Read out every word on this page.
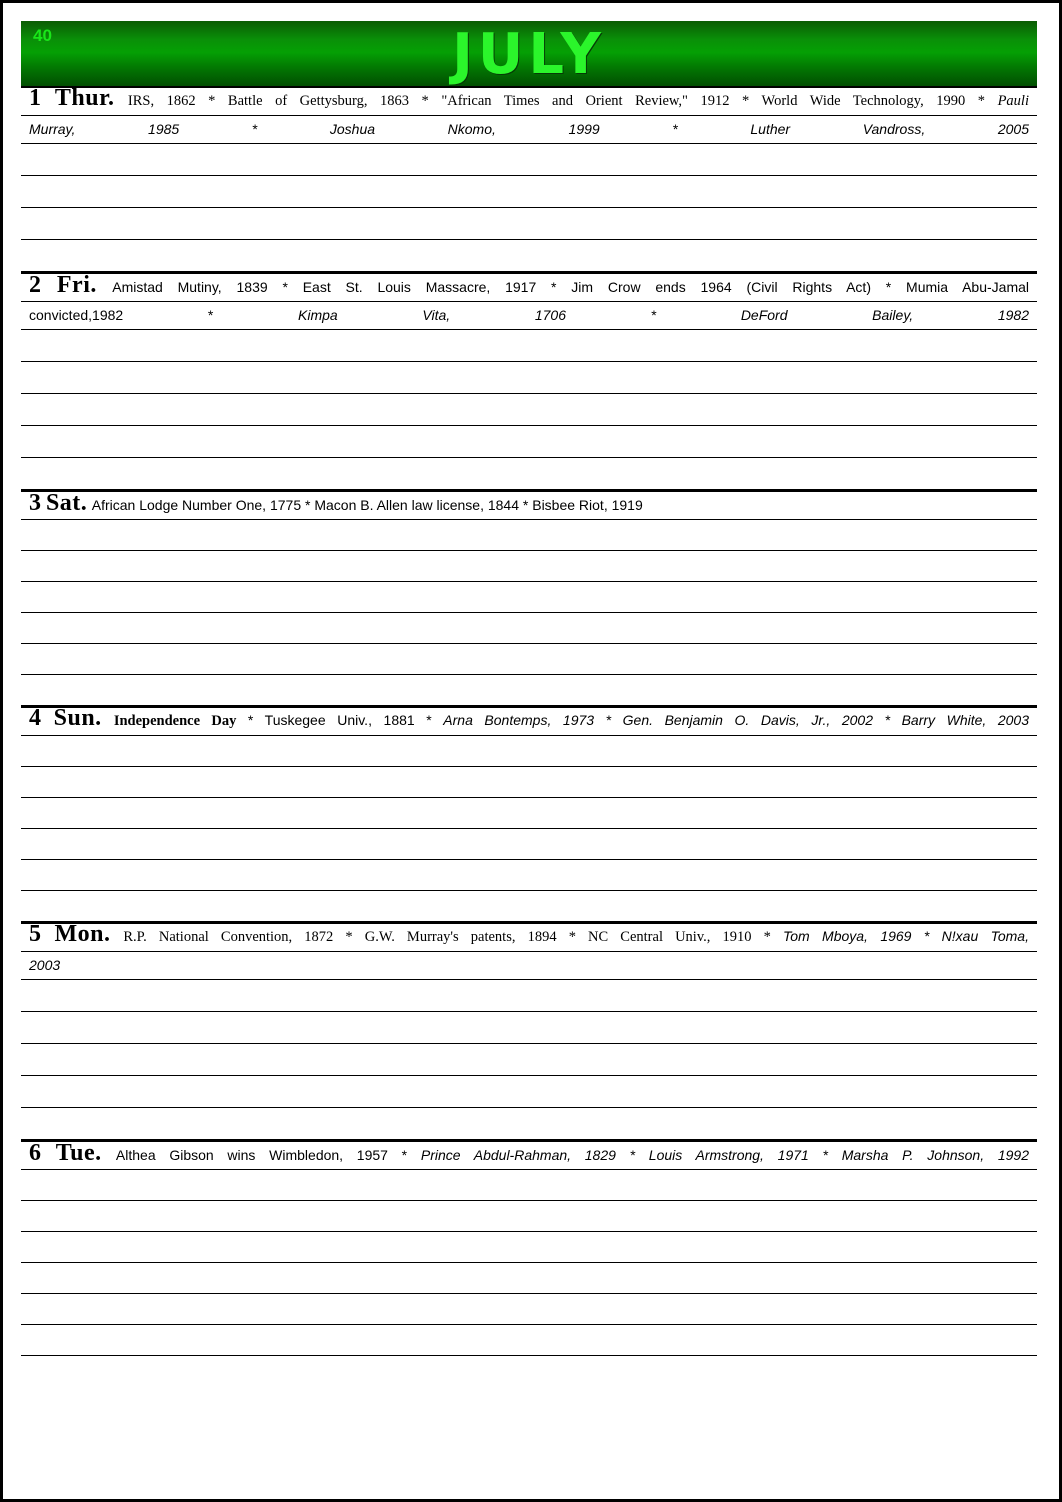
40	JULY
1 Thur. IRS, 1862 * Battle of Gettysburg, 1863 * "African Times and Orient Review," 1912 * World Wide Technology, 1990 * Pauli
Murray, 1985 * Joshua Nkomo, 1999 * Luther Vandross, 2005
2 Fri. Amistad Mutiny, 1839 * East St. Louis Massacre, 1917 * Jim Crow ends 1964 (Civil Rights Act) * Mumia Abu-Jamal
convicted,1982 * Kimpa Vita, 1706 * DeFord Bailey, 1982
3 Sat. African Lodge Number One, 1775 * Macon B. Allen law license, 1844 * Bisbee Riot, 1919
4 Sun. Independence Day * Tuskegee Univ., 1881 * Arna Bontemps, 1973 * Gen. Benjamin O. Davis, Jr., 2002 * Barry White, 2003
5 Mon. R.P. National Convention, 1872 * G.W. Murray's patents, 1894 * NC Central Univ., 1910 * Tom Mboya, 1969 * N!xau Toma,
2003
6 Tue. Althea Gibson wins Wimbledon, 1957 * Prince Abdul-Rahman, 1829 * Louis Armstrong, 1971 * Marsha P. Johnson, 1992
